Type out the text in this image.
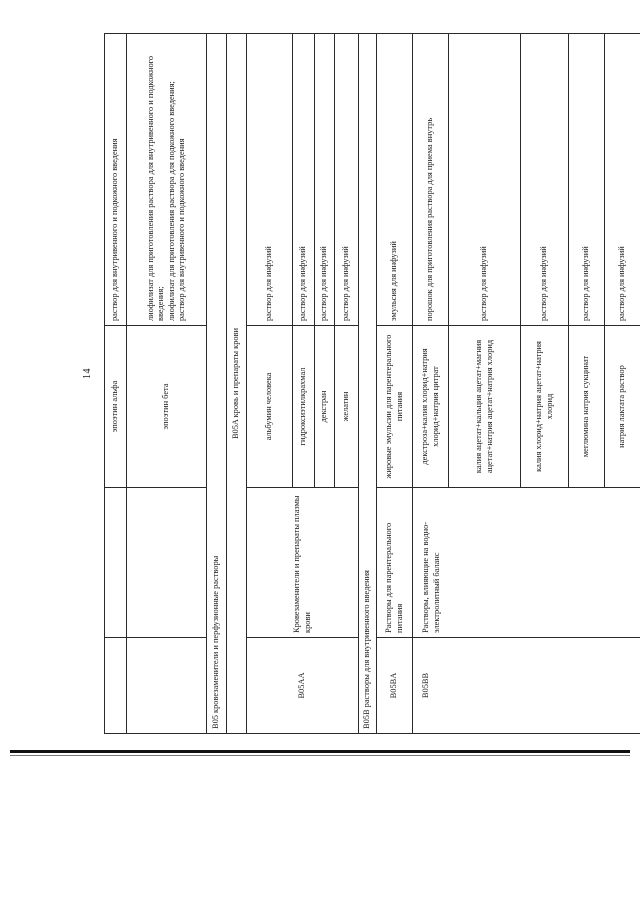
14
		эпоэтин альфа	раствор для внутривенного и подкожного введения
		эпоэтин бета	лиофилизат для приготовления раствора для внутривенного и подкожного введения; лиофилизат для приготовления раствора для подкожного введения; раствор для внутривенного и подкожного введения

B05 кровезаменители и перфузионные растворы			
B05A кровь и препараты крови			
B05AA	Кровезаменители и препараты плазмы крови	альбумин человека	раствор для инфузий
		гидроксиэтилкрахмал	раствор для инфузий
		декстран	раствор для инфузий
		желатин	раствор для инфузий
B05B растворы для внутривенного введения			
B05BA	Растворы для парентерального питания	жировые эмульсии для парентерального питания	эмульсия для инфузий
B05BB	Растворы, влияющие на водно-электролитный баланс	декстроза+калия хлорид+натрия хлорид+натрия цитрат	порошок для приготовления раствора для приема внутрь
		калия ацетат+кальция ацетат+магния ацетат+натрия ацетат+натрия хлорид	раствор для инфузий
		калия хлорид+натрия ацетат+натрия хлорид	раствор для инфузий
		меглюмина натрия сукцинат	раствор для инфузий
		натрия лактата раствор	раствор для инфузий
